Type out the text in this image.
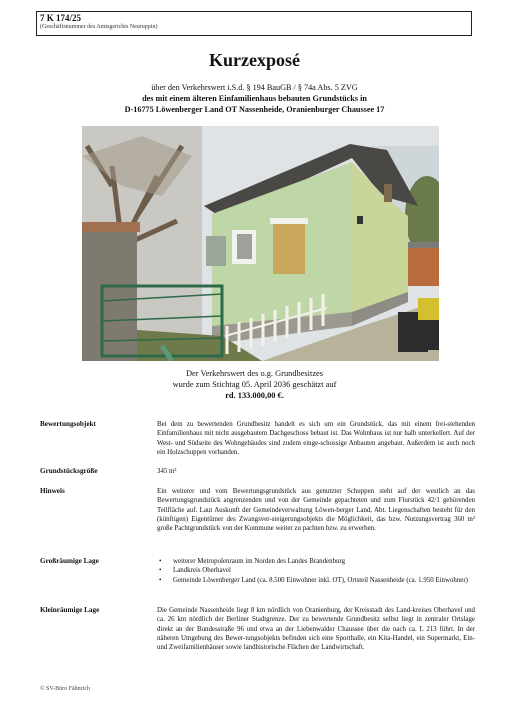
7 K 174/25
(Geschäftsnummer des Amtsgerichts Neuruppin)
Kurzexposé
über den Verkehrswert i.S.d. § 194 BauGB / § 74a Abs. 5 ZVG
des mit einem älteren Einfamilienhaus bebauten Grundstücks in
D-16775 Löwenberger Land OT Nassenheide, Oranienburger Chaussee 17
Der Verkehrswert des o.g. Grundbesitzes
wurde zum Stichtag 05. April 2036 geschätzt auf
rd. 133.000,00 €.
Bewertungsobjekt	Bei dem zu bewertenden Grundbesitz handelt es sich um ein Grundstück, das mit einem frei-stehenden Einfamilienhaus mit nicht ausgebautem Dachgeschoss bebaut ist. Das Wohnhaus ist nur halb unterkellert. Auf der West- und Südseite des Wohngebäudes sind zudem einge-schossige Anbauten angebaut. Außerdem ist auch noch ein Holzschuppen vorhanden.
Grundstücksgröße	345 m²
Hinweis	Ein weiterer und vom Bewertungsgrundstück aus genutzter Schuppen steht auf der westlich an das Bewertungsgrundstück angrenzenden und von der Gemeinde gepachteten und zum Flurstück 42/1 gehörenden Teilfläche auf. Laut Auskunft der Gemeindeverwaltung Löwen-berger Land, Abt. Liegenschaften besteht für den (künftigen) Eigentümer des Zwangsver-steigerungsobjekts die Möglichkeit, das bzw. Nutzungsvertrag 360 m² große Pachtgrundstück von der Kommune weiter zu pachten bzw. zu erwerben.
Großräumige Lage
•	weiterer Metropolenraum im Norden des Landes Brandenburg
• Landkreis Oberhavel
• Gemeinde Löwenberger Land (ca. 8.500 Einwohner inkl. OT), Ortsteil Nassenheide (ca. 1.950 Einwohner)
Kleinräumige Lage	Die Gemeinde Nassenheide liegt 8 km nördlich von Oranienburg, der Kreisstadt des Land-kreises Oberhavel und ca. 26 km nördlich der Berliner Stadtgrenze. Der zu bewertende Grundbesitz selbst liegt in zentraler Ortslage direkt an der Bundesstraße 96 und etwa an der Liebenwalder Chaussee über die nach ca. L 213 führt. In der näheren Umgebung des Bewer-tungsobjekts befinden sich eine Sporthalle, ein Kita-Handel, ein Supermarkt, Ein- und Zweifamilienhäuser sowie landhistorische Flächen der Landwirtschaft.
© SV-Büro Fähnrich
